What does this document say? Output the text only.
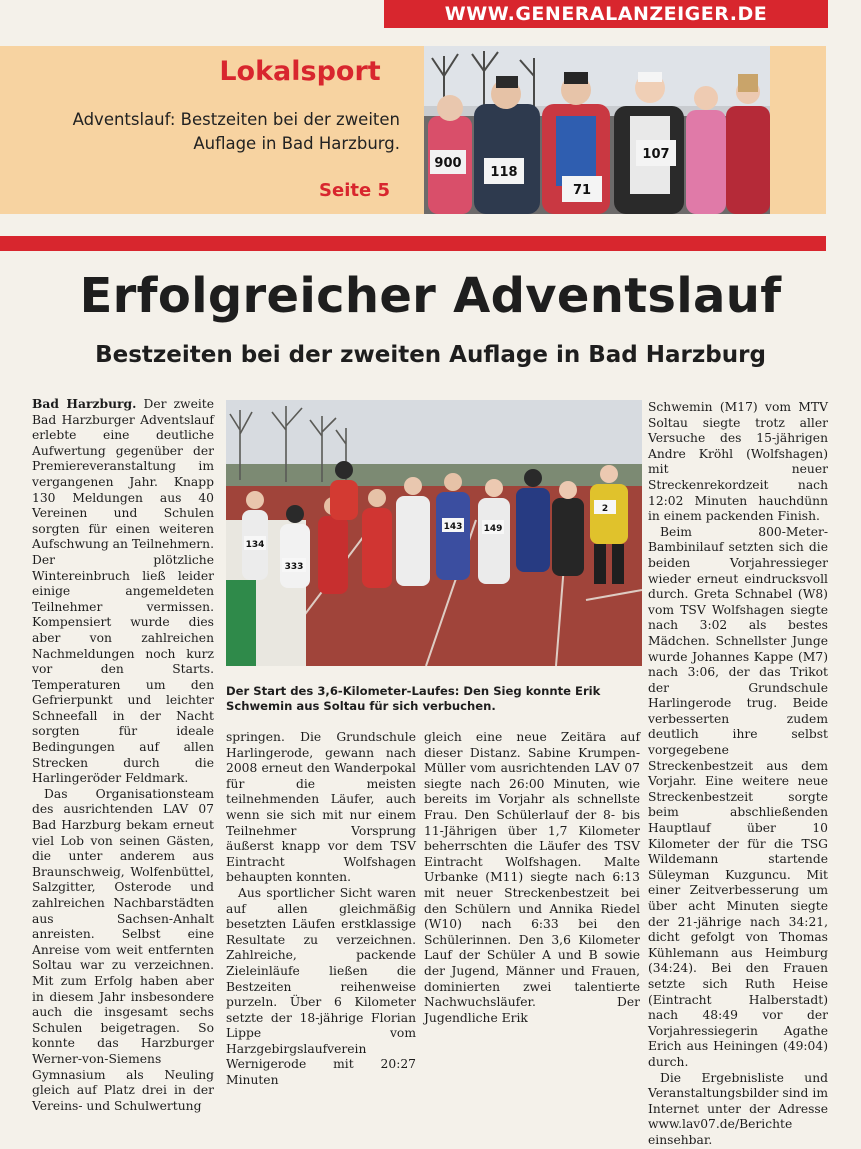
WWW.GENERALANZEIGER.DE
Lokalsport
Adventslauf: Bestzeiten bei der zweiten Auflage in Bad Harzburg.
Seite 5
900
118
71
107
Erfolgreicher Adventslauf
Bestzeiten bei der zweiten Auflage in Bad Harzburg

Bad Harzburg. Der zweite Bad Harzburger Adventslauf erlebte eine deutliche Aufwertung gegenüber der Premiereveranstaltung im vergangenen Jahr. Knapp 130 Meldungen aus 40 Vereinen und Schulen sorgten für einen weiteren Aufschwung an Teilnehmern. Der plötzliche Wintereinbruch ließ leider einige angemeldeten Teilnehmer vermissen. Kompensiert wurde dies aber von zahlreichen Nachmeldungen noch kurz vor den Starts. Temperaturen um den Gefrierpunkt und leichter Schneefall in der Nacht sorgten für ideale Bedingungen auf allen Strecken durch die Harlingeröder Feldmark.

Das Organisationsteam des ausrichtenden LAV 07 Bad Harzburg bekam erneut viel Lob von seinen Gästen, die unter anderem aus Braunschweig, Wolfenbüttel, Salzgitter, Osterode und zahlreichen Nachbarstädten aus Sachsen-Anhalt anreisten. Selbst eine Anreise vom weit entfernten Soltau war zu verzeichnen. Mit zum Erfolg haben aber in diesem Jahr insbesondere auch die insgesamt sechs Schulen beigetragen. So konnte das Harzburger Werner-von-Siemens Gymnasium als Neuling gleich auf Platz drei in der Vereins- und Schulwertung

134
333
143 149
2
Der Start des 3,6-Kilometer-Laufes: Den Sieg konnte Erik Schwemin aus Soltau für sich verbuchen.

springen. Die Grundschule Harlingerode, gewann nach 2008 erneut den Wanderpokal für die meisten teilnehmenden Läufer, auch wenn sie sich mit nur einem Teilnehmer Vorsprung äußerst knapp vor dem TSV Eintracht Wolfshagen behaupten konnten.

Aus sportlicher Sicht waren auf allen gleichmäßig besetzten Läufen erstklassige Resultate zu verzeichnen. Zahlreiche, packende Zieleinläufe ließen die Bestzeiten reihenweise purzeln. Über 6 Kilometer setzte der 18-jährige Florian Lippe vom Harzgebirgslaufverein Wernigerode mit 20:27 Minuten

gleich eine neue Zeitära auf dieser Distanz. Sabine Krumpen-Müller vom ausrichtenden LAV 07 siegte nach 26:00 Minuten, wie bereits im Vorjahr als schnellste Frau. Den Schülerlauf der 8- bis 11-Jährigen über 1,7 Kilometer beherrschten die Läufer des TSV Eintracht Wolfshagen. Malte Urbanke (M11) siegte nach 6:13 mit neuer Streckenbestzeit bei den Schülern und Annika Riedel (W10) nach 6:33 bei den Schülerinnen. Den 3,6 Kilometer Lauf der Schüler A und B sowie der Jugend, Männer und Frauen, dominierten zwei talentierte Nachwuchsläufer. Der Jugendliche Erik

Schwemin (M17) vom MTV Soltau siegte trotz aller Versuche des 15-jährigen Andre Kröhl (Wolfshagen) mit neuer Streckenrekordzeit nach 12:02 Minuten hauchdünn in einem packenden Finish.

Beim 800-Meter-Bambinilauf setzten sich die beiden Vorjahressieger wieder erneut eindrucksvoll durch. Greta Schnabel (W8) vom TSV Wolfshagen siegte nach 3:02 als bestes Mädchen. Schnellster Junge wurde Johannes Kappe (M7) nach 3:06, der das Trikot der Grundschule Harlingerode trug. Beide verbesserten zudem deutlich ihre selbst vorgegebene Streckenbestzeit aus dem Vorjahr. Eine weitere neue Streckenbestzeit sorgte beim abschließenden Hauptlauf über 10 Kilometer der für die TSG Wildemann startende Süleyman Kuzguncu. Mit einer Zeitverbesserung um über acht Minuten siegte der 21-jährige nach 34:21, dicht gefolgt von Thomas Kühlemann aus Heimburg (34:24). Bei den Frauen setzte sich Ruth Heise (Eintracht Halberstadt) nach 48:49 vor der Vorjahressiegerin Agathe Erich aus Heiningen (49:04) durch.

Die Ergebnisliste und Veranstaltungsbilder sind im Internet unter der Adresse www.lav07.de/Berichte einsehbar.
